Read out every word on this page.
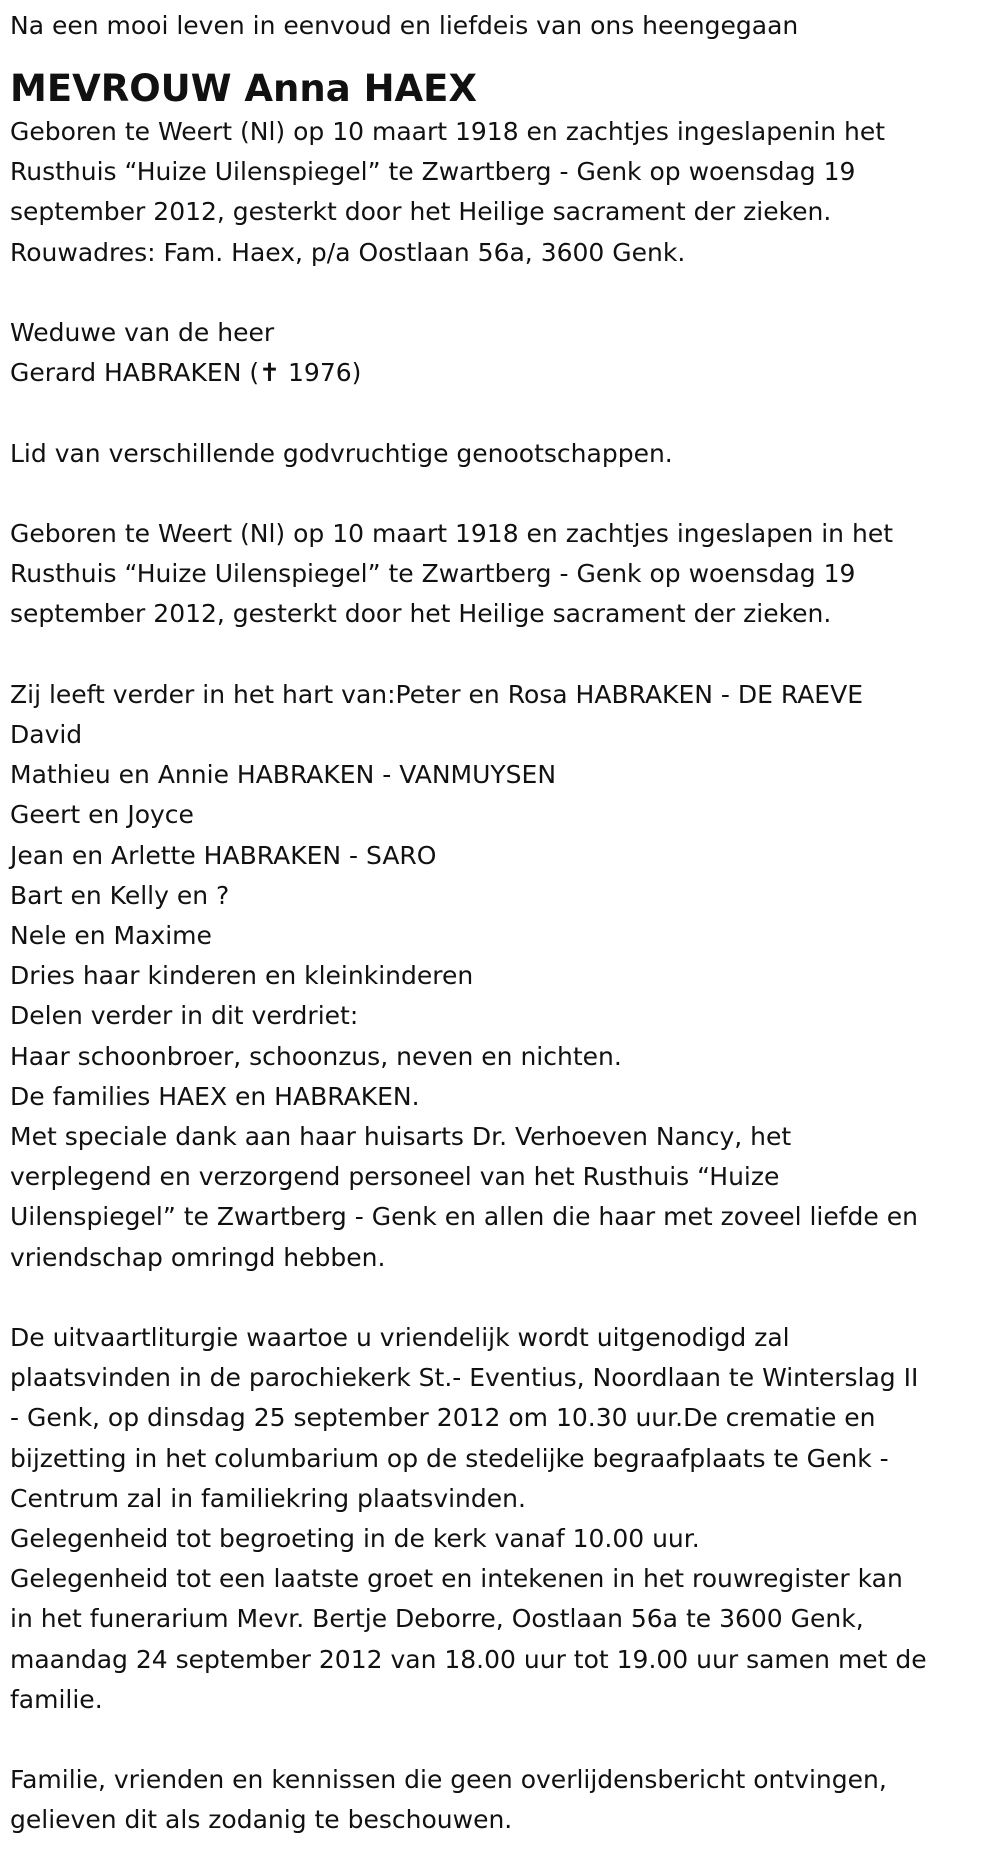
Na een mooi leven in eenvoud en liefdeis van ons heengegaan

MEVROUW Anna HAEX
Geboren te Weert (Nl) op 10 maart 1918 en zachtjes ingeslapenin het
Rusthuis “Huize Uilenspiegel” te Zwartberg - Genk op woensdag 19
september 2012, gesterkt door het Heilige sacrament der zieken.
Rouwadres: Fam. Haex, p/a Oostlaan 56a, 3600 Genk.
Weduwe van de heer
Gerard HABRAKEN (✝ 1976)
Lid van verschillende godvruchtige genootschappen.
Geboren te Weert (Nl) op 10 maart 1918 en zachtjes ingeslapen in het
Rusthuis “Huize Uilenspiegel” te Zwartberg - Genk op woensdag 19
september 2012, gesterkt door het Heilige sacrament der zieken.
Zij leeft verder in het hart van:Peter en Rosa HABRAKEN - DE RAEVE
David
Mathieu en Annie HABRAKEN - VANMUYSEN
Geert en Joyce
Jean en Arlette HABRAKEN - SARO
Bart en Kelly en ?
Nele en Maxime
Dries haar kinderen en kleinkinderen
Delen verder in dit verdriet:
Haar schoonbroer, schoonzus, neven en nichten.
De families HAEX en HABRAKEN.
Met speciale dank aan haar huisarts Dr. Verhoeven Nancy, het
verplegend en verzorgend personeel van het Rusthuis “Huize
Uilenspiegel” te Zwartberg - Genk en allen die haar met zoveel liefde en
vriendschap omringd hebben.
De uitvaartliturgie waartoe u vriendelijk wordt uitgenodigd zal
plaatsvinden in de parochiekerk St.- Eventius, Noordlaan te Winterslag II
- Genk, op dinsdag 25 september 2012 om 10.30 uur.De crematie en
bijzetting in het columbarium op de stedelijke begraafplaats te Genk -
Centrum zal in familiekring plaatsvinden.
Gelegenheid tot begroeting in de kerk vanaf 10.00 uur.
Gelegenheid tot een laatste groet en intekenen in het rouwregister kan
in het funerarium Mevr. Bertje Deborre, Oostlaan 56a te 3600 Genk,
maandag 24 september 2012 van 18.00 uur tot 19.00 uur samen met de
familie.
Familie, vrienden en kennissen die geen overlijdensbericht ontvingen,
gelieven dit als zodanig te beschouwen.
